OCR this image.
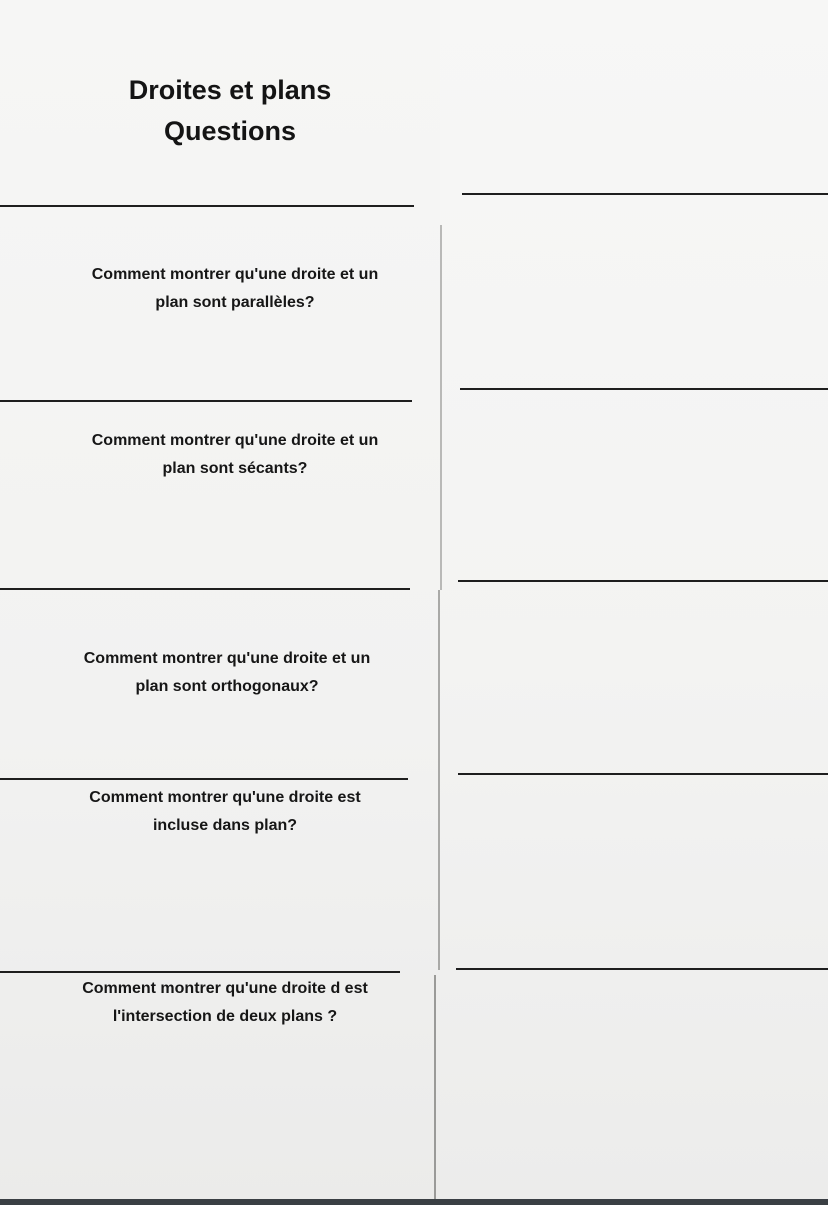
Droites et plans
Questions
Comment montrer qu'une droite et un
plan sont parallèles?
Comment montrer qu'une droite et un
plan sont sécants?
Comment montrer qu'une droite et un
plan sont orthogonaux?
Comment montrer qu'une droite est
incluse dans plan?
Comment montrer qu'une droite d est
l'intersection de deux plans ?
